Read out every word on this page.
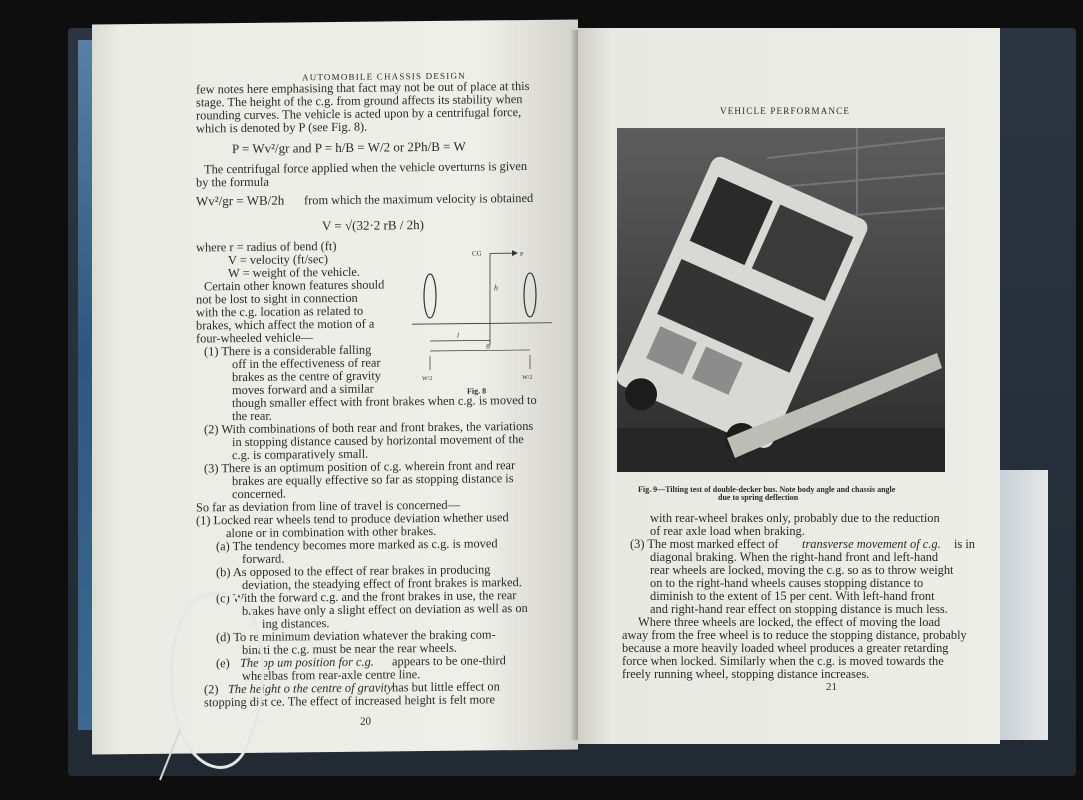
AUTOMOBILE CHASSIS DESIGN
few notes here emphasising that fact may not be out of place at this
stage. The height of the c.g. from ground affects its stability when
rounding curves. The vehicle is acted upon by a centrifugal force,
which is denoted by P (see Fig. 8).
P = Wv²/gr and P = h/B = W/2 or 2Ph/B = W
The centrifugal force applied when the vehicle overturns is given
by the formula
Wv²/gr = WB/2h from which the maximum velocity is obtained
V = √(32·2 rB / 2h)
where r = radius of bend (ft)
V = velocity (ft/sec)
W = weight of the vehicle.
Certain other known features should
not be lost to sight in connection
with the c.g. location as related to
brakes, which affect the motion of a
four-wheeled vehicle—
(1) There is a considerable falling
off in the effectiveness of rear
brakes as the centre of gravity
moves forward and a similar
though smaller effect with front brakes when c.g. is moved to
the rear.
(2) With combinations of both rear and front brakes, the variations
in stopping distance caused by horizontal movement of the
c.g. is comparatively small.
(3) There is an optimum position of c.g. wherein front and rear
brakes are equally effective so far as stopping distance is
concerned.
So far as deviation from line of travel is concerned—
(1) Locked rear wheels tend to produce deviation whether used
alone or in combination with other brakes.
(a) The tendency becomes more marked as c.g. is moved
forward.
(b) As opposed to the effect of rear brakes in producing
deviation, the steadying effect of front brakes is marked.
(c) With the forward c.g. and the front brakes in use, the rear
brakes have only a slight effect on deviation as well as on
ing distances.
(d) To re minimum deviation whatever the braking com-
binati the c.g. must be near the rear wheels.
(e) The op um position for c.g. appears to be one-third
wheelbas from rear-axle centre line.
(2) The height o the centre of gravity has but little effect on
stopping dist ce. The effect of increased height is felt more
20
CG	P
h
l
B
W/2	W/2
Fig. 8
VEHICLE PERFORMANCE
Fig. 9—Tilting test of double-decker bus. Note body angle and chassis angle
due to spring deflection
with rear-wheel brakes only, probably due to the reduction
of rear axle load when braking.
(3) The most marked effect of transverse movement of c.g. is in
diagonal braking. When the right-hand front and left-hand
rear wheels are locked, moving the c.g. so as to throw weight
on to the right-hand wheels causes stopping distance to
diminish to the extent of 15 per cent. With left-hand front
and right-hand rear effect on stopping distance is much less.
Where three wheels are locked, the effect of moving the load
away from the free wheel is to reduce the stopping distance, probably
because a more heavily loaded wheel produces a greater retarding
force when locked. Similarly when the c.g. is moved towards the
freely running wheel, stopping distance increases.
21
